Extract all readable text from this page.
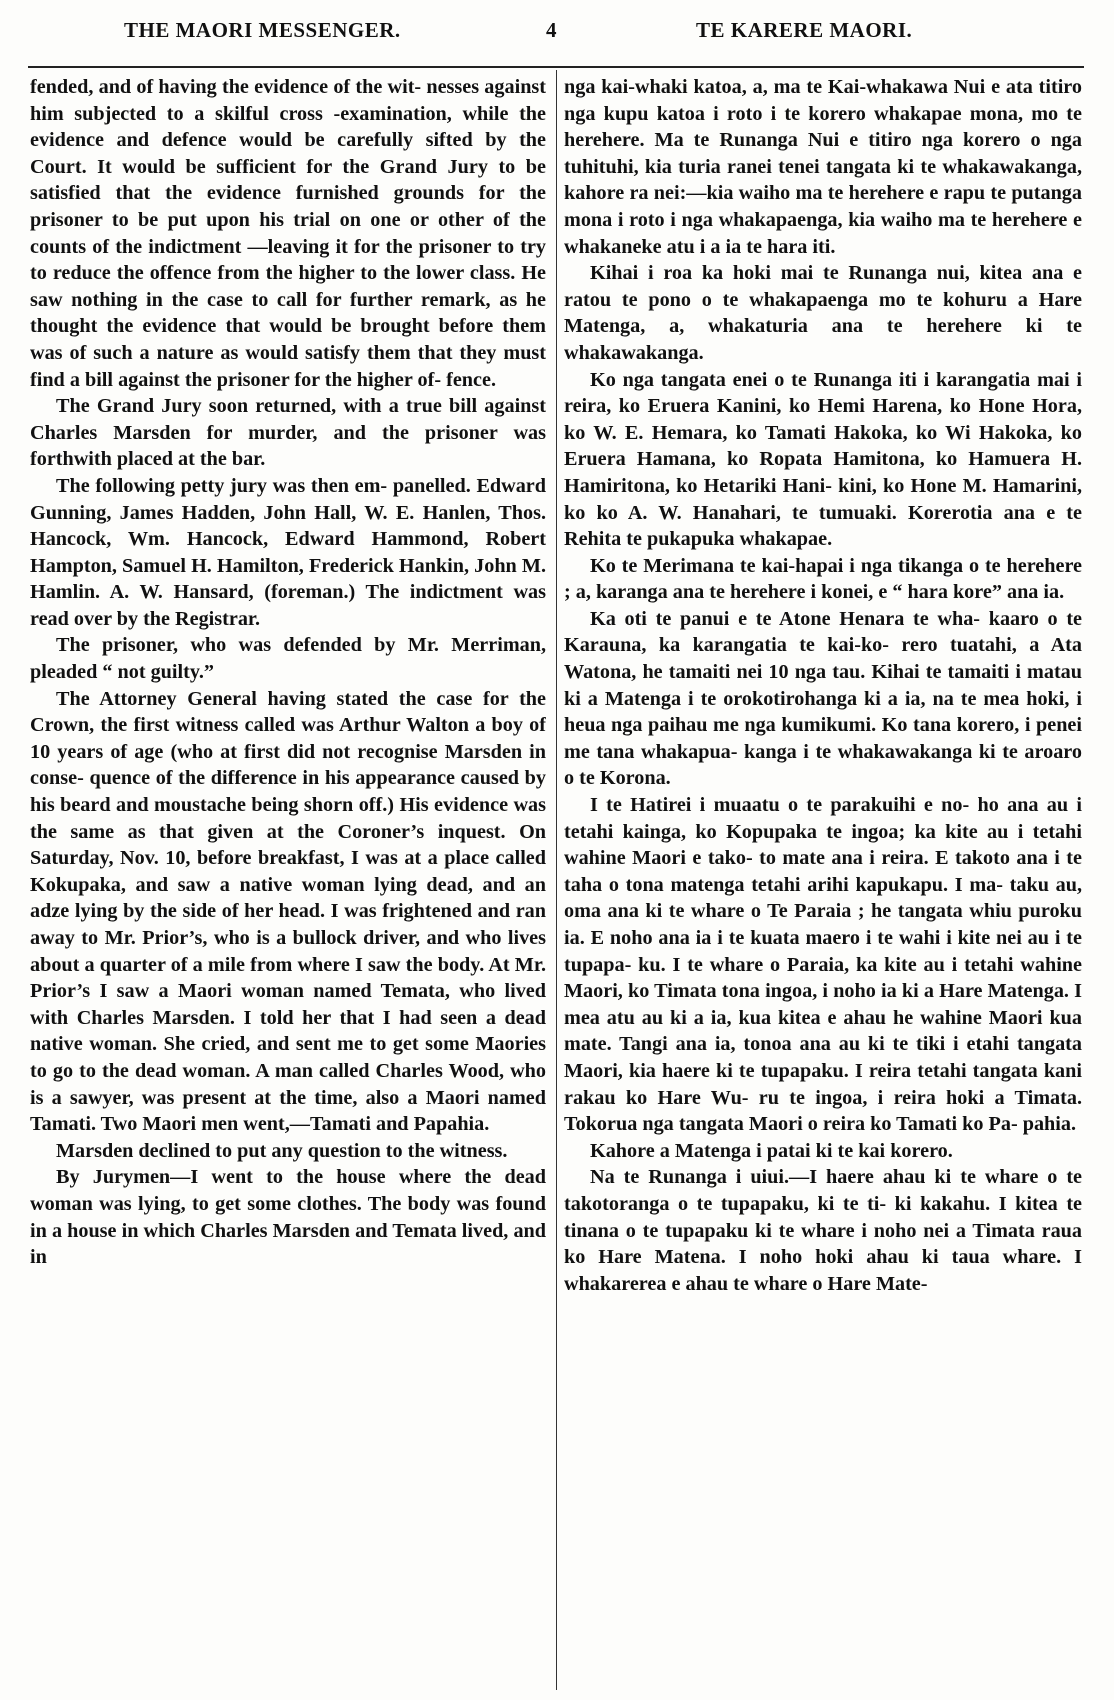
THE MAORI MESSENGER.	4	TE KARERE MAORI.

fended, and of having the evidence of the wit- nesses against him subjected to a skilful cross -examination, while the evidence and defence would be carefully sifted by the Court. It would be sufficient for the Grand Jury to be satisfied that the evidence furnished grounds for the prisoner to be put upon his trial on one or other of the counts of the indictment —leaving it for the prisoner to try to reduce the offence from the higher to the lower class. He saw nothing in the case to call for further remark, as he thought the evidence that would be brought before them was of such a nature as would satisfy them that they must find a bill against the prisoner for the higher of- fence.

The Grand Jury soon returned, with a true bill against Charles Marsden for murder, and the prisoner was forthwith placed at the bar.

The following petty jury was then em- panelled. Edward Gunning, James Hadden, John Hall, W. E. Hanlen, Thos. Hancock, Wm. Hancock, Edward Hammond, Robert Hampton, Samuel H. Hamilton, Frederick Hankin, John M. Hamlin. A. W. Hansard, (foreman.) The indictment was read over by the Registrar.

The prisoner, who was defended by Mr. Merriman, pleaded “ not guilty.”

The Attorney General having stated the case for the Crown, the first witness called was Arthur Walton a boy of 10 years of age (who at first did not recognise Marsden in conse- quence of the difference in his appearance caused by his beard and moustache being shorn off.) His evidence was the same as that given at the Coroner’s inquest. On Saturday, Nov. 10, before breakfast, I was at a place called Kokupaka, and saw a native woman lying dead, and an adze lying by the side of her head. I was frightened and ran away to Mr. Prior’s, who is a bullock driver, and who lives about a quarter of a mile from where I saw the body. At Mr. Prior’s I saw a Maori woman named Temata, who lived with Charles Marsden. I told her that I had seen a dead native woman. She cried, and sent me to get some Maories to go to the dead woman. A man called Charles Wood, who is a sawyer, was present at the time, also a Maori named Tamati. Two Maori men went,—Tamati and Papahia.

Marsden declined to put any question to the witness.

By Jurymen—I went to the house where the dead woman was lying, to get some clothes. The body was found in a house in which Charles Marsden and Temata lived, and in

nga kai-whaki katoa, a, ma te Kai-whakawa Nui e ata titiro nga kupu katoa i roto i te korero whakapae mona, mo te herehere. Ma te Runanga Nui e titiro nga korero o nga tuhituhi, kia turia ranei tenei tangata ki te whakawakanga, kahore ra nei:—kia waiho ma te herehere e rapu te putanga mona i roto i nga whakapaenga, kia waiho ma te herehere e whakaneke atu i a ia te hara iti.

Kihai i roa ka hoki mai te Runanga nui, kitea ana e ratou te pono o te whakapaenga mo te kohuru a Hare Matenga, a, whakaturia ana te herehere ki te whakawakanga.

Ko nga tangata enei o te Runanga iti i karangatia mai i reira, ko Eruera Kanini, ko Hemi Harena, ko Hone Hora, ko W. E. Hemara, ko Tamati Hakoka, ko Wi Hakoka, ko Eruera Hamana, ko Ropata Hamitona, ko Hamuera H. Hamiritona, ko Hetariki Hani- kini, ko Hone M. Hamarini, ko ko A. W. Hanahari, te tumuaki. Korerotia ana e te Rehita te pukapuka whakapae.

Ko te Merimana te kai-hapai i nga tikanga o te herehere ; a, karanga ana te herehere i konei, e “ hara kore” ana ia.

Ka oti te panui e te Atone Henara te wha- kaaro o te Karauna, ka karangatia te kai-ko- rero tuatahi, a Ata Watona, he tamaiti nei 10 nga tau. Kihai te tamaiti i matau ki a Matenga i te orokotirohanga ki a ia, na te mea hoki, i heua nga paihau me nga kumikumi. Ko tana korero, i penei me tana whakapua- kanga i te whakawakanga ki te aroaro o te Korona.

I te Hatirei i muaatu o te parakuihi e no- ho ana au i tetahi kainga, ko Kopupaka te ingoa; ka kite au i tetahi wahine Maori e tako- to mate ana i reira. E takoto ana i te taha o tona matenga tetahi arihi kapukapu. I ma- taku au, oma ana ki te whare o Te Paraia ; he tangata whiu puroku ia. E noho ana ia i te kuata maero i te wahi i kite nei au i te tupapa- ku. I te whare o Paraia, ka kite au i tetahi wahine Maori, ko Timata tona ingoa, i noho ia ki a Hare Matenga. I mea atu au ki a ia, kua kitea e ahau he wahine Maori kua mate. Tangi ana ia, tonoa ana au ki te tiki i etahi tangata Maori, kia haere ki te tupapaku. I reira tetahi tangata kani rakau ko Hare Wu- ru te ingoa, i reira hoki a Timata. Tokorua nga tangata Maori o reira ko Tamati ko Pa- pahia.

Kahore a Matenga i patai ki te kai korero.

Na te Runanga i uiui.—I haere ahau ki te whare o te takotoranga o te tupapaku, ki te ti- ki kakahu. I kitea te tinana o te tupapaku ki te whare i noho nei a Timata raua ko Hare Matena. I noho hoki ahau ki taua whare. I whakarerea e ahau te whare o Hare Mate-
